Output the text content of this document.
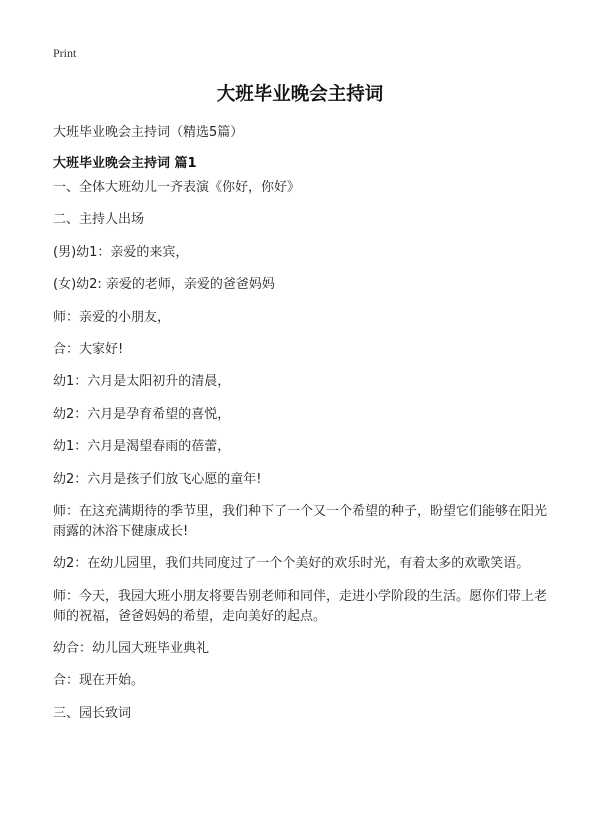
Print
大班毕业晚会主持词

大班毕业晚会主持词（精选5篇）

大班毕业晚会主持词 篇1

一、全体大班幼儿一齐表演《你好，你好》

二、主持人出场

(男)幼1：亲爱的来宾，

(女)幼2: 亲爱的老师，亲爱的爸爸妈妈

师：亲爱的小朋友，

合：大家好!

幼1：六月是太阳初升的清晨，

幼2：六月是孕育希望的喜悦，

幼1：六月是渴望春雨的蓓蕾，

幼2：六月是孩子们放飞心愿的童年!

师：在这充满期待的季节里，我们种下了一个又一个希望的种子，盼望它们能够在阳光雨露的沐浴下健康成长!

幼2：在幼儿园里，我们共同度过了一个个美好的欢乐时光，有着太多的欢歌笑语。

师：今天，我园大班小朋友将要告别老师和同伴，走进小学阶段的生活。愿你们带上老师的祝福，爸爸妈妈的希望，走向美好的起点。

幼合：幼儿园大班毕业典礼

合：现在开始。

三、园长致词
